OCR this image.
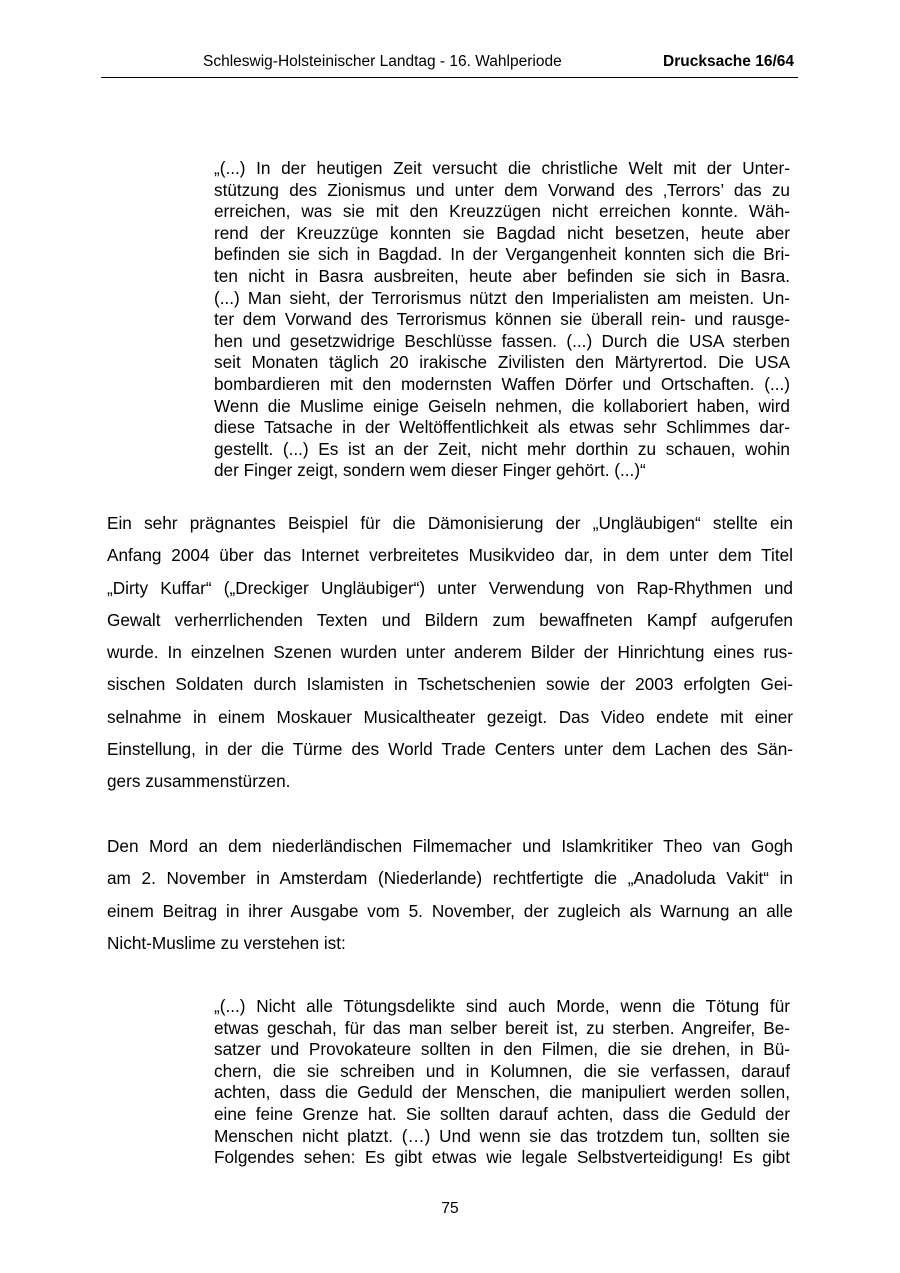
Schleswig-Holsteinischer Landtag - 16. Wahlperiode	Drucksache 16/64
„(...) In der heutigen Zeit versucht die christliche Welt mit der Unter-
stützung des Zionismus und unter dem Vorwand des ‚Terrors’ das zu
erreichen, was sie mit den Kreuzzügen nicht erreichen konnte. Wäh-
rend der Kreuzzüge konnten sie Bagdad nicht besetzen, heute aber
befinden sie sich in Bagdad. In der Vergangenheit konnten sich die Bri-
ten nicht in Basra ausbreiten, heute aber befinden sie sich in Basra.
(...) Man sieht, der Terrorismus nützt den Imperialisten am meisten. Un-
ter dem Vorwand des Terrorismus können sie überall rein- und rausge-
hen und gesetzwidrige Beschlüsse fassen. (...) Durch die USA sterben
seit Monaten täglich 20 irakische Zivilisten den Märtyrertod. Die USA
bombardieren mit den modernsten Waffen Dörfer und Ortschaften. (...)
Wenn die Muslime einige Geiseln nehmen, die kollaboriert haben, wird
diese Tatsache in der Weltöffentlichkeit als etwas sehr Schlimmes dar-
gestellt. (...) Es ist an der Zeit, nicht mehr dorthin zu schauen, wohin
der Finger zeigt, sondern wem dieser Finger gehört. (...)“
Ein sehr prägnantes Beispiel für die Dämonisierung der „Ungläubigen“ stellte ein
Anfang 2004 über das Internet verbreitetes Musikvideo dar, in dem unter dem Titel
„Dirty Kuffar“ („Dreckiger Ungläubiger“) unter Verwendung von Rap-Rhythmen und
Gewalt verherrlichenden Texten und Bildern zum bewaffneten Kampf aufgerufen
wurde. In einzelnen Szenen wurden unter anderem Bilder der Hinrichtung eines rus-
sischen Soldaten durch Islamisten in Tschetschenien sowie der 2003 erfolgten Gei-
selnahme in einem Moskauer Musicaltheater gezeigt. Das Video endete mit einer
Einstellung, in der die Türme des World Trade Centers unter dem Lachen des Sän-
gers zusammenstürzen.
Den Mord an dem niederländischen Filmemacher und Islamkritiker Theo van Gogh
am 2. November in Amsterdam (Niederlande) rechtfertigte die „Anadoluda Vakit“ in
einem Beitrag in ihrer Ausgabe vom 5. November, der zugleich als Warnung an alle
Nicht-Muslime zu verstehen ist:
„(...) Nicht alle Tötungsdelikte sind auch Morde, wenn die Tötung für
etwas geschah, für das man selber bereit ist, zu sterben. Angreifer, Be-
satzer und Provokateure sollten in den Filmen, die sie drehen, in Bü-
chern, die sie schreiben und in Kolumnen, die sie verfassen, darauf
achten, dass die Geduld der Menschen, die manipuliert werden sollen,
eine feine Grenze hat. Sie sollten darauf achten, dass die Geduld der
Menschen nicht platzt. (…) Und wenn sie das trotzdem tun, sollten sie
Folgendes sehen: Es gibt etwas wie legale Selbstverteidigung! Es gibt
75
